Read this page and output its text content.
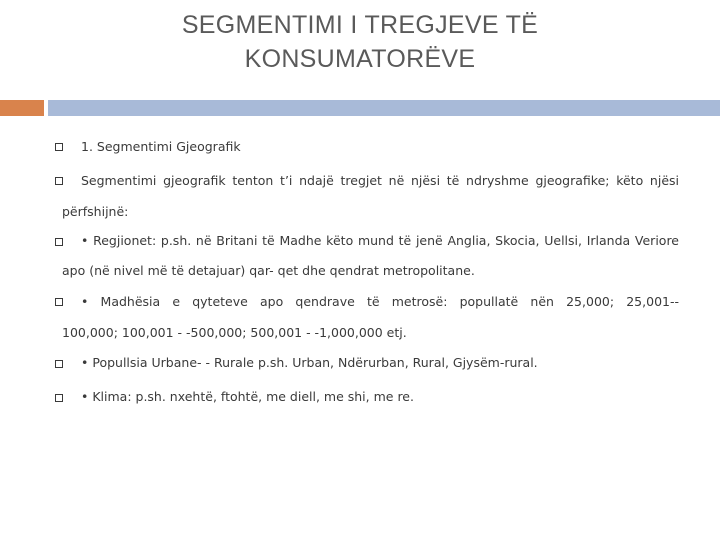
SEGMENTIMI I TREGJEVE TË
KONSUMATORËVE
1. Segmentimi Gjeografik
Segmentimi gjeografik tenton t’i ndajë tregjet në njësi të ndryshme gjeografike; këto njësi
përfshijnë:
• Regjionet: p.sh. në Britani të Madhe këto mund të jenë Anglia, Skocia, Uellsi, Irlanda Veriore
apo (në nivel më të detajuar) qar- qet dhe qendrat metropolitane.
• Madhësia e qyteteve apo qendrave të metrosë: popullatë nën 25,000; 25,001--
100,000; 100,001 - -500,000; 500,001 - -1,000,000 etj.
• Popullsia Urbane- - Rurale p.sh. Urban, Ndërurban, Rural, Gjysëm-rural.
• Klima: p.sh. nxehtë, ftohtë, me diell, me shi, me re.
